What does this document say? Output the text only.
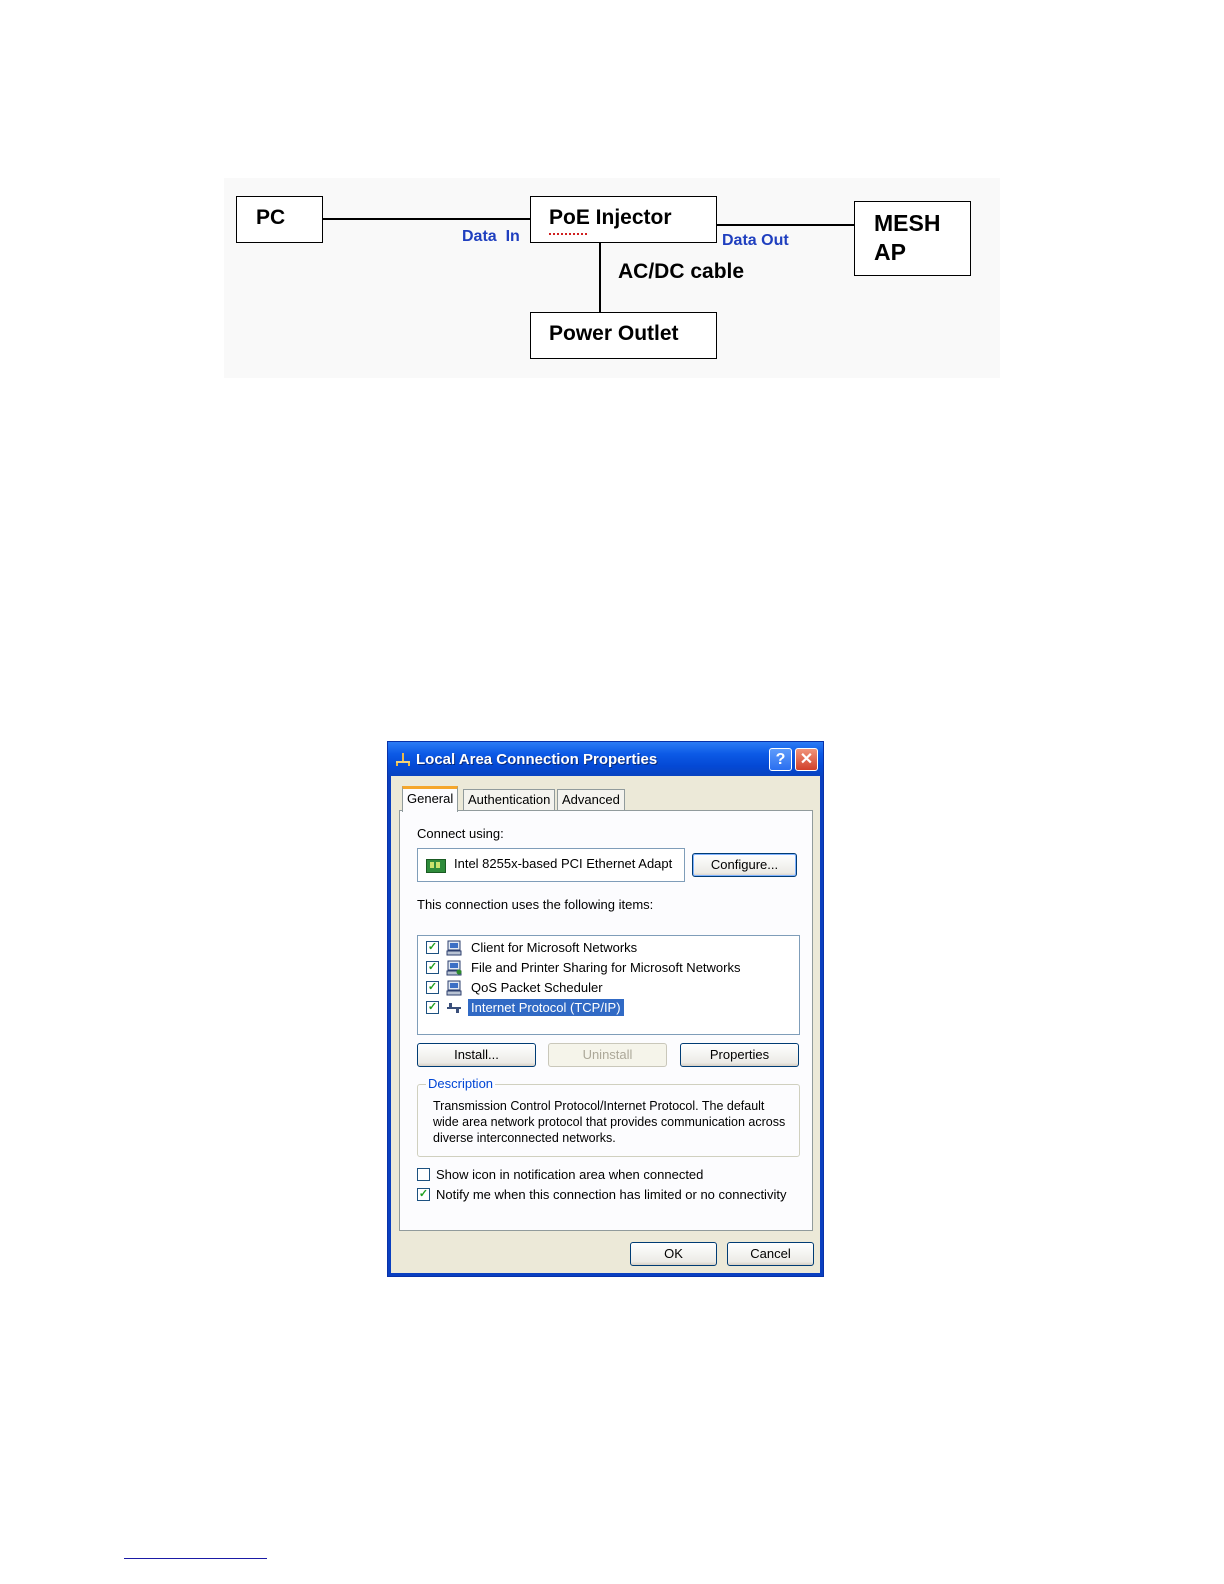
PC	PoE Injector	MESH
AP
Power Outlet
Data  In	Data Out
AC/DC cable
Local Area Connection Properties	? ✕
General	Authentication Advanced
Connect using:
Intel 8255x-based PCI Ethernet Adapt	Configure...
This connection uses the following items:
✓
Client for Microsoft Networks
✓
File and Printer Sharing for Microsoft Networks
✓
QoS Packet Scheduler
✓
Internet Protocol (TCP/IP)
Install...	Uninstall	Properties
Description
Transmission Control Protocol/Internet Protocol. The default wide area network protocol that provides communication across diverse interconnected networks.
Show icon in notification area when connected
✓
Notify me when this connection has limited or no connectivity
OK	Cancel
